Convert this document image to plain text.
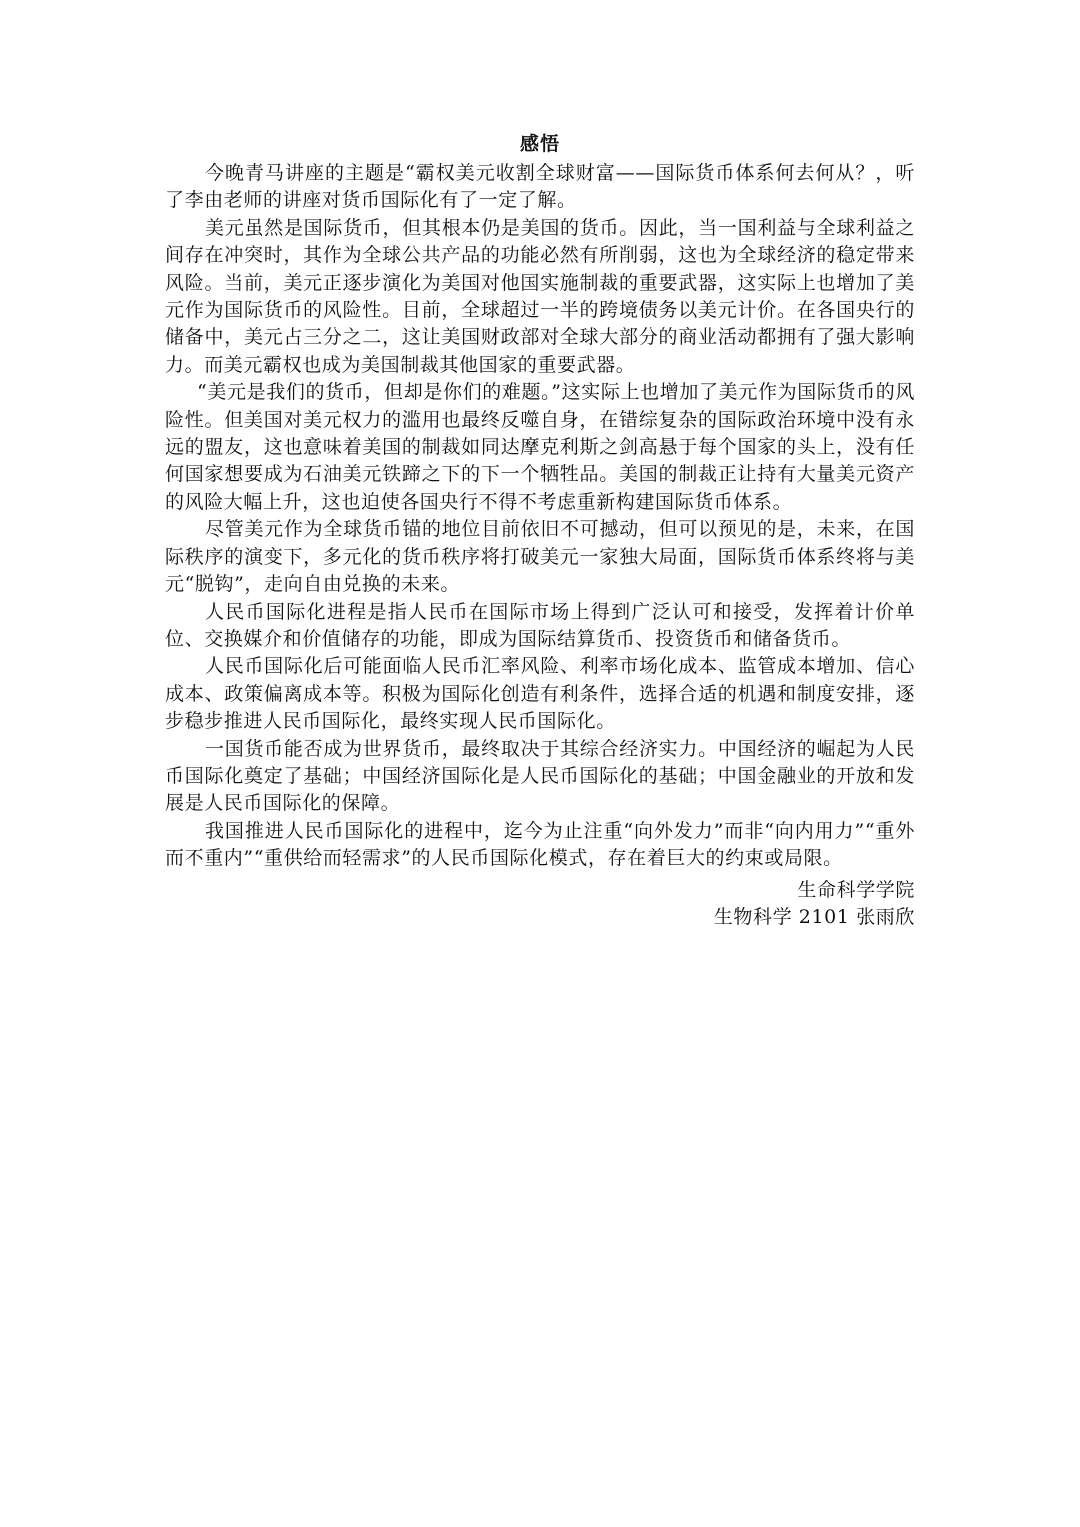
感悟

今晚青马讲座的主题是“霸权美元收割全球财富——国际货币体系何去何从？，听了李由老师的讲座对货币国际化有了一定了解。

美元虽然是国际货币，但其根本仍是美国的货币。因此，当一国利益与全球利益之间存在冲突时，其作为全球公共产品的功能必然有所削弱，这也为全球经济的稳定带来风险。当前，美元正逐步演化为美国对他国实施制裁的重要武器，这实际上也增加了美元作为国际货币的风险性。目前，全球超过一半的跨境债务以美元计价。在各国央行的储备中，美元占三分之二，这让美国财政部对全球大部分的商业活动都拥有了强大影响力。而美元霸权也成为美国制裁其他国家的重要武器。

“美元是我们的货币，但却是你们的难题。”这实际上也增加了美元作为国际货币的风险性。但美国对美元权力的滥用也最终反噬自身，在错综复杂的国际政治环境中没有永远的盟友，这也意味着美国的制裁如同达摩克利斯之剑高悬于每个国家的头上，没有任何国家想要成为石油美元铁蹄之下的下一个牺牲品。美国的制裁正让持有大量美元资产的风险大幅上升，这也迫使各国央行不得不考虑重新构建国际货币体系。

尽管美元作为全球货币锚的地位目前依旧不可撼动，但可以预见的是，未来，在国际秩序的演变下，多元化的货币秩序将打破美元一家独大局面，国际货币体系终将与美元“脱钩”，走向自由兑换的未来。

人民币国际化进程是指人民币在国际市场上得到广泛认可和接受，发挥着计价单位、交换媒介和价值储存的功能，即成为国际结算货币、投资货币和储备货币。

人民币国际化后可能面临人民币汇率风险、利率市场化成本、监管成本增加、信心成本、政策偏离成本等。积极为国际化创造有利条件，选择合适的机遇和制度安排，逐步稳步推进人民币国际化，最终实现人民币国际化。

一国货币能否成为世界货币，最终取决于其综合经济实力。中国经济的崛起为人民币国际化奠定了基础；中国经济国际化是人民币国际化的基础；中国金融业的开放和发展是人民币国际化的保障。

我国推进人民币国际化的进程中，迄今为止注重“向外发力”而非“向内用力”“重外而不重内”“重供给而轻需求”的人民币国际化模式，存在着巨大的约束或局限。

生命科学学院
生物科学 2101 张雨欣
